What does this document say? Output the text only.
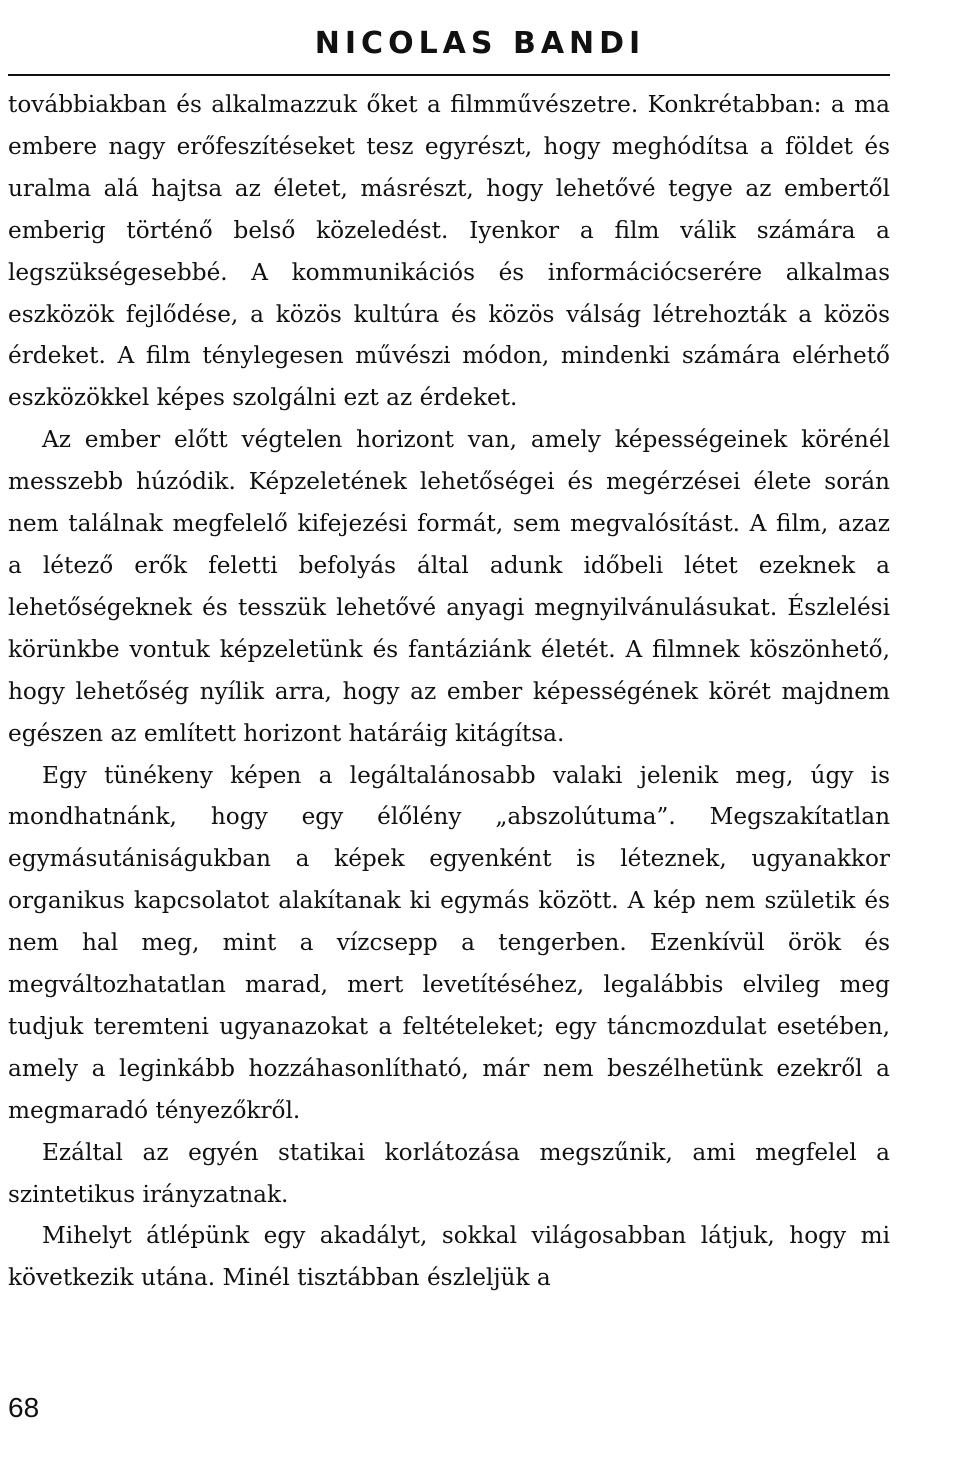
NICOLAS BANDI

továbbiakban és alkalmazzuk őket a filmművészetre. Konkrétabban: a ma embere nagy erőfeszítéseket tesz egyrészt, hogy meghódítsa a földet és uralma alá hajtsa az életet, másrészt, hogy lehetővé tegye az embertől emberig történő belső közeledést. Iyenkor a film válik számára a legszükségesebbé. A kommunikációs és információcserére alkalmas eszközök fejlődése, a közös kultúra és közös válság létrehozták a közös érdeket. A film ténylegesen művészi módon, mindenki számára elérhető eszközökkel képes szolgálni ezt az érdeket.

Az ember előtt végtelen horizont van, amely képességeinek körénél messzebb húzódik. Képzeletének lehetőségei és megérzései élete során nem találnak megfelelő kifejezési formát, sem megvalósítást. A film, azaz a létező erők feletti befolyás által adunk időbeli létet ezeknek a lehetőségeknek és tesszük lehetővé anyagi megnyilvánulásukat. Észlelési körünkbe vontuk képzeletünk és fantáziánk életét. A filmnek köszönhető, hogy lehetőség nyílik arra, hogy az ember képességének körét majdnem egészen az említett horizont határáig kitágítsa.

Egy tünékeny képen a legáltalánosabb valaki jelenik meg, úgy is mondhatnánk, hogy egy élőlény „abszolútuma”. Megszakítatlan egymásutániságukban a képek egyenként is léteznek, ugyanakkor organikus kapcsolatot alakítanak ki egymás között. A kép nem születik és nem hal meg, mint a vízcsepp a tengerben. Ezenkívül örök és megváltozhatatlan marad, mert levetítéséhez, legalábbis elvileg meg tudjuk teremteni ugyanazokat a feltételeket; egy táncmozdulat esetében, amely a leginkább hozzáhasonlítható, már nem beszélhetünk ezekről a megmaradó tényezőkről.

Ezáltal az egyén statikai korlátozása megszűnik, ami megfelel a szintetikus irányzatnak.

Mihelyt átlépünk egy akadályt, sokkal világosabban látjuk, hogy mi következik utána. Minél tisztábban észleljük a

68
